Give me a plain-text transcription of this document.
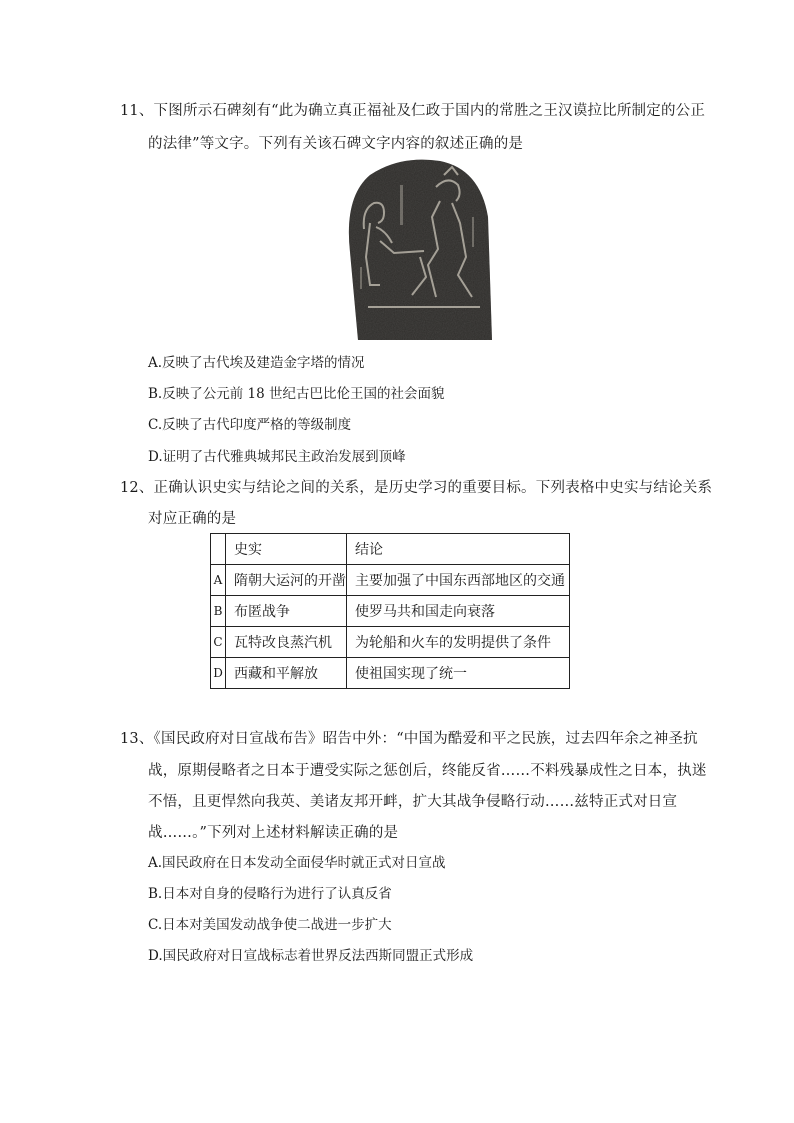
11、下图所示石碑刻有“此为确立真正福祉及仁政于国内的常胜之王汉谟拉比所制定的公正
的法律”等文字。下列有关该石碑文字内容的叙述正确的是
A.反映了古代埃及建造金字塔的情况
B.反映了公元前 18 世纪古巴比伦王国的社会面貌
C.反映了古代印度严格的等级制度
D.证明了古代雅典城邦民主政治发展到顶峰
12、正确认识史实与结论之间的关系，是历史学习的重要目标。下列表格中史实与结论关系
对应正确的是
	史实	结论
A	隋朝大运河的开凿	主要加强了中国东西部地区的交通
B	布匿战争	使罗马共和国走向衰落
C	瓦特改良蒸汽机	为轮船和火车的发明提供了条件
D	西藏和平解放	使祖国实现了统一
13、《国民政府对日宣战布告》昭告中外：“中国为酷爱和平之民族，过去四年余之神圣抗
战，原期侵略者之日本于遭受实际之惩创后，终能反省……不料残暴成性之日本，执迷
不悟，且更悍然向我英、美诸友邦开衅，扩大其战争侵略行动……兹特正式对日宣
战……。”下列对上述材料解读正确的是
A.国民政府在日本发动全面侵华时就正式对日宣战
B.日本对自身的侵略行为进行了认真反省
C.日本对美国发动战争使二战进一步扩大
D.国民政府对日宣战标志着世界反法西斯同盟正式形成
